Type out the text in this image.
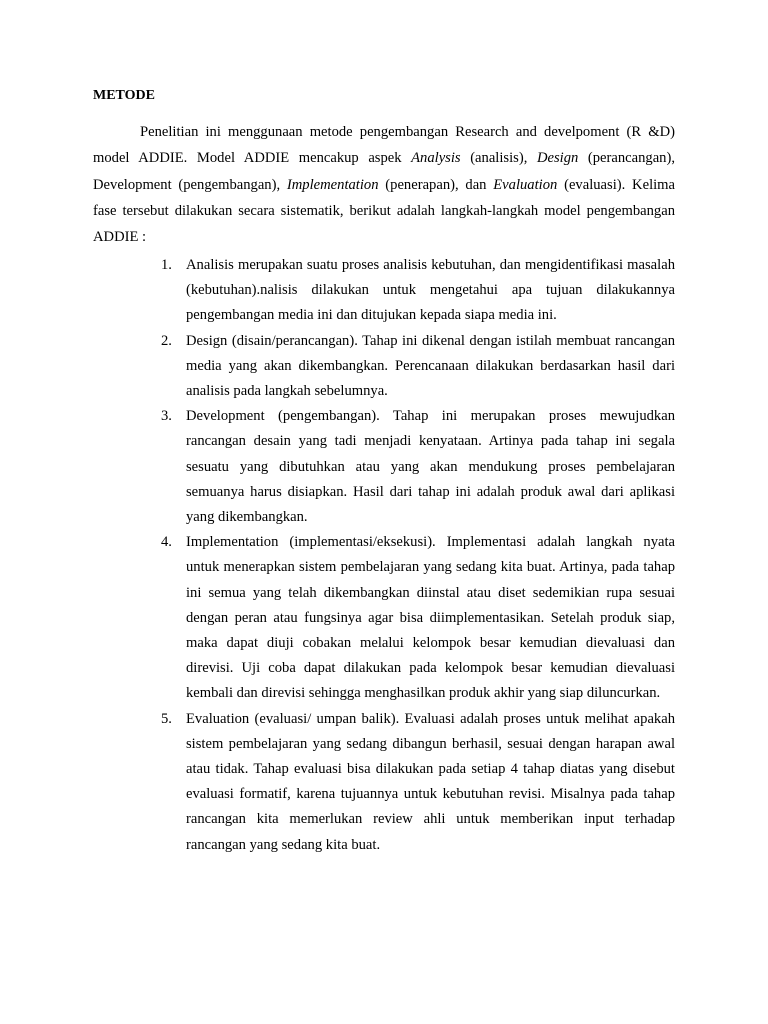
METODE

Penelitian ini menggunaan metode pengembangan Research and develpoment (R &D) model ADDIE. Model ADDIE mencakup aspek Analysis (analisis), Design (perancangan), Development (pengembangan), Implementation (penerapan), dan Evaluation (evaluasi). Kelima fase tersebut dilakukan secara sistematik, berikut adalah langkah-langkah model pengembangan ADDIE :

1. Analisis merupakan suatu proses analisis kebutuhan, dan mengidentifikasi masalah (kebutuhan).nalisis dilakukan untuk mengetahui apa tujuan dilakukannya pengembangan media ini dan ditujukan kepada siapa media ini.
2. Design (disain/perancangan). Tahap ini dikenal dengan istilah membuat rancangan media yang akan dikembangkan. Perencanaan dilakukan berdasarkan hasil dari analisis pada langkah sebelumnya.
3. Development (pengembangan). Tahap ini merupakan proses mewujudkan rancangan desain yang tadi menjadi kenyataan. Artinya pada tahap ini segala sesuatu yang dibutuhkan atau yang akan mendukung proses pembelajaran semuanya harus disiapkan. Hasil dari tahap ini adalah produk awal dari aplikasi yang dikembangkan.
4. Implementation (implementasi/eksekusi). Implementasi adalah langkah nyata untuk menerapkan sistem pembelajaran yang sedang kita buat. Artinya, pada tahap ini semua yang telah dikembangkan diinstal atau diset sedemikian rupa sesuai dengan peran atau fungsinya agar bisa diimplementasikan. Setelah produk siap, maka dapat diuji cobakan melalui kelompok besar kemudian dievaluasi dan direvisi. Uji coba dapat dilakukan pada kelompok besar kemudian dievaluasi kembali dan direvisi sehingga menghasilkan produk akhir yang siap diluncurkan.
5. Evaluation (evaluasi/ umpan balik). Evaluasi adalah proses untuk melihat apakah sistem pembelajaran yang sedang dibangun berhasil, sesuai dengan harapan awal atau tidak. Tahap evaluasi bisa dilakukan pada setiap 4 tahap diatas yang disebut evaluasi formatif, karena tujuannya untuk kebutuhan revisi. Misalnya pada tahap rancangan kita memerlukan review ahli untuk memberikan input terhadap rancangan yang sedang kita buat.
